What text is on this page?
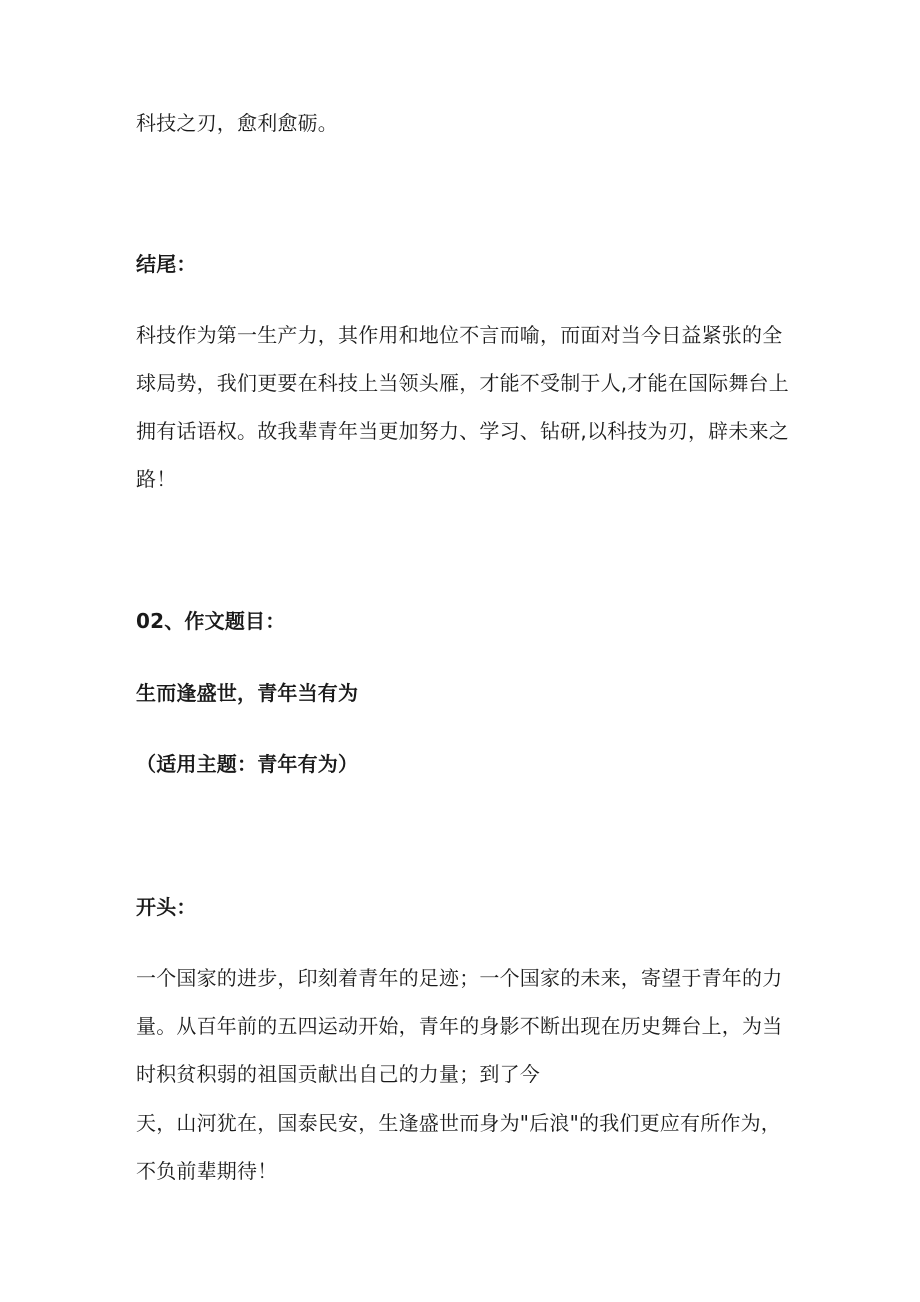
科技之刃，愈利愈砺。
结尾：
科技作为第一生产力，其作用和地位不言而喻，而面对当今日益紧张的全
球局势，我们更要在科技上当领头雁，才能不受制于人,才能在国际舞台上
拥有话语权。故我辈青年当更加努力、学习、钻研,以科技为刃，辟未来之
路！
02、作文题目：
生而逢盛世，青年当有为
（适用主题：青年有为）
开头：
一个国家的进步，印刻着青年的足迹；一个国家的未来，寄望于青年的力
量。从百年前的五四运动开始，青年的身影不断出现在历史舞台上，为当
时积贫积弱的祖国贡献出自己的力量；到了今
天，山河犹在，国泰民安，生逢盛世而身为"后浪"的我们更应有所作为，
不负前辈期待！
